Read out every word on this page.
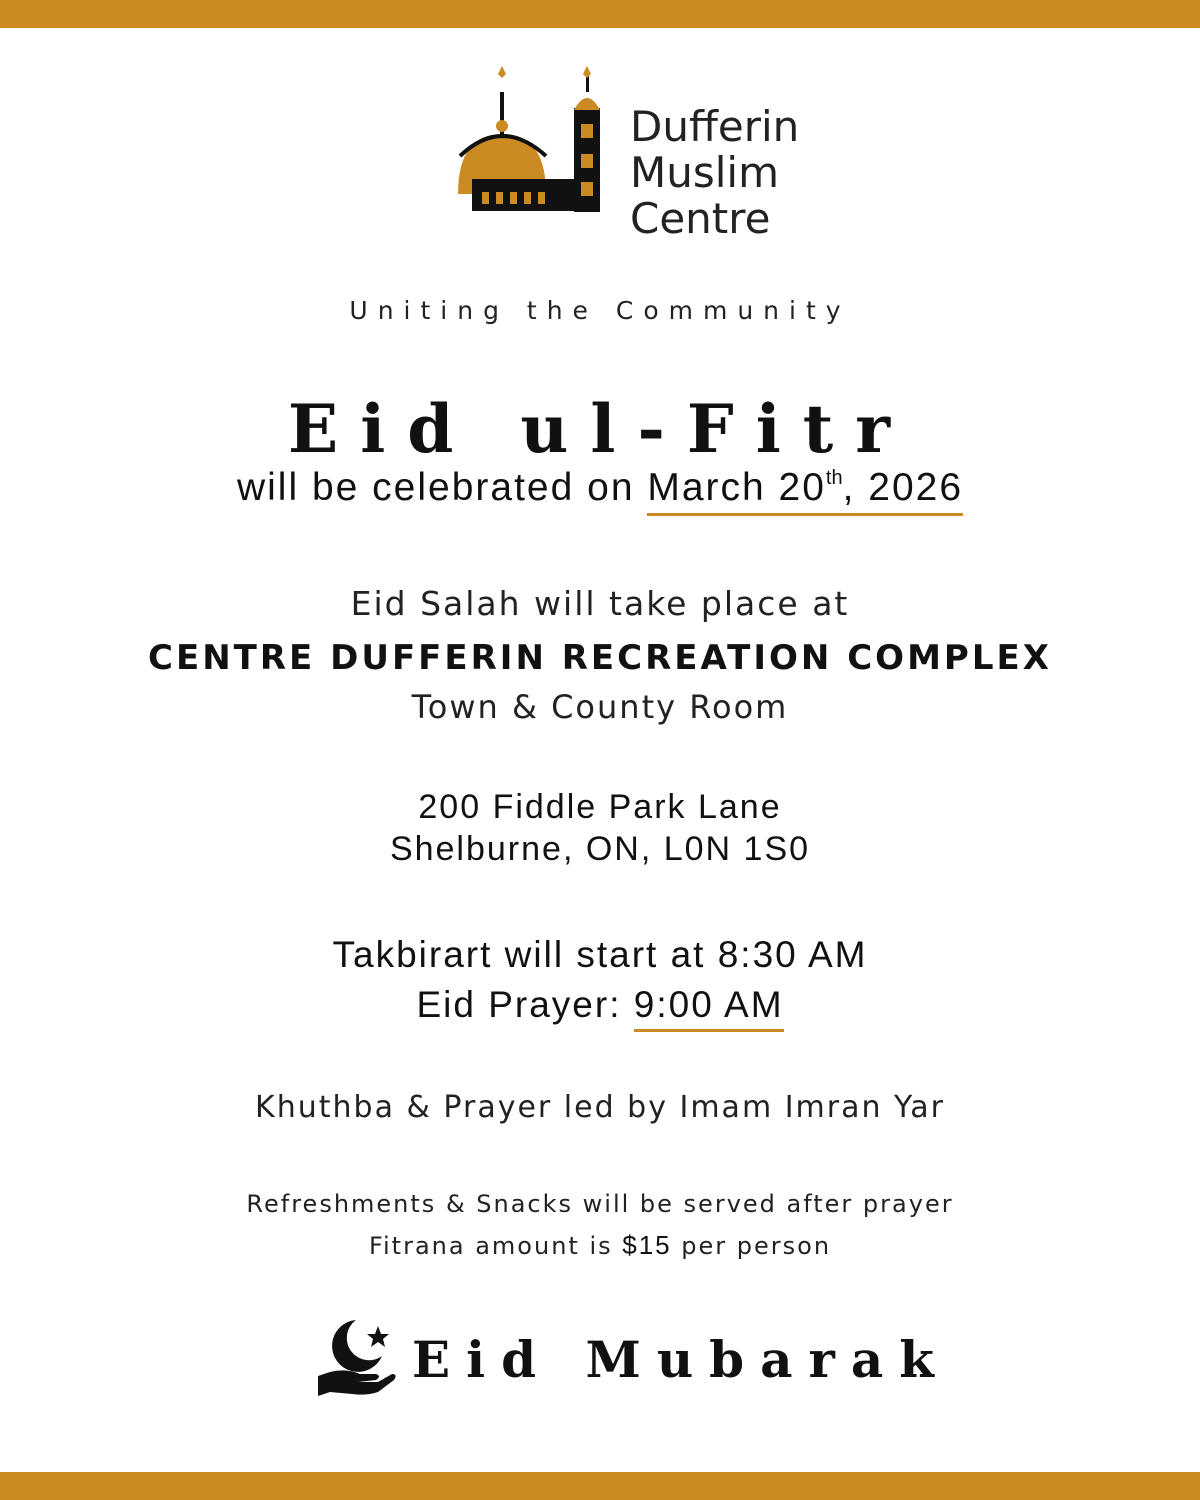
Dufferin
Muslim
Centre
Uniting the Community
Eid ul-Fitr
will be celebrated on March 20th, 2026
Eid Salah will take place at
CENTRE DUFFERIN RECREATION COMPLEX
Town & County Room
200 Fiddle Park Lane
Shelburne, ON, L0N 1S0
Takbirart will start at 8:30 AM
Eid Prayer: 9:00 AM
Khuthba & Prayer led by Imam Imran Yar
Refreshments & Snacks will be served after prayer
Fitrana amount is $15 per person
Eid Mubarak
